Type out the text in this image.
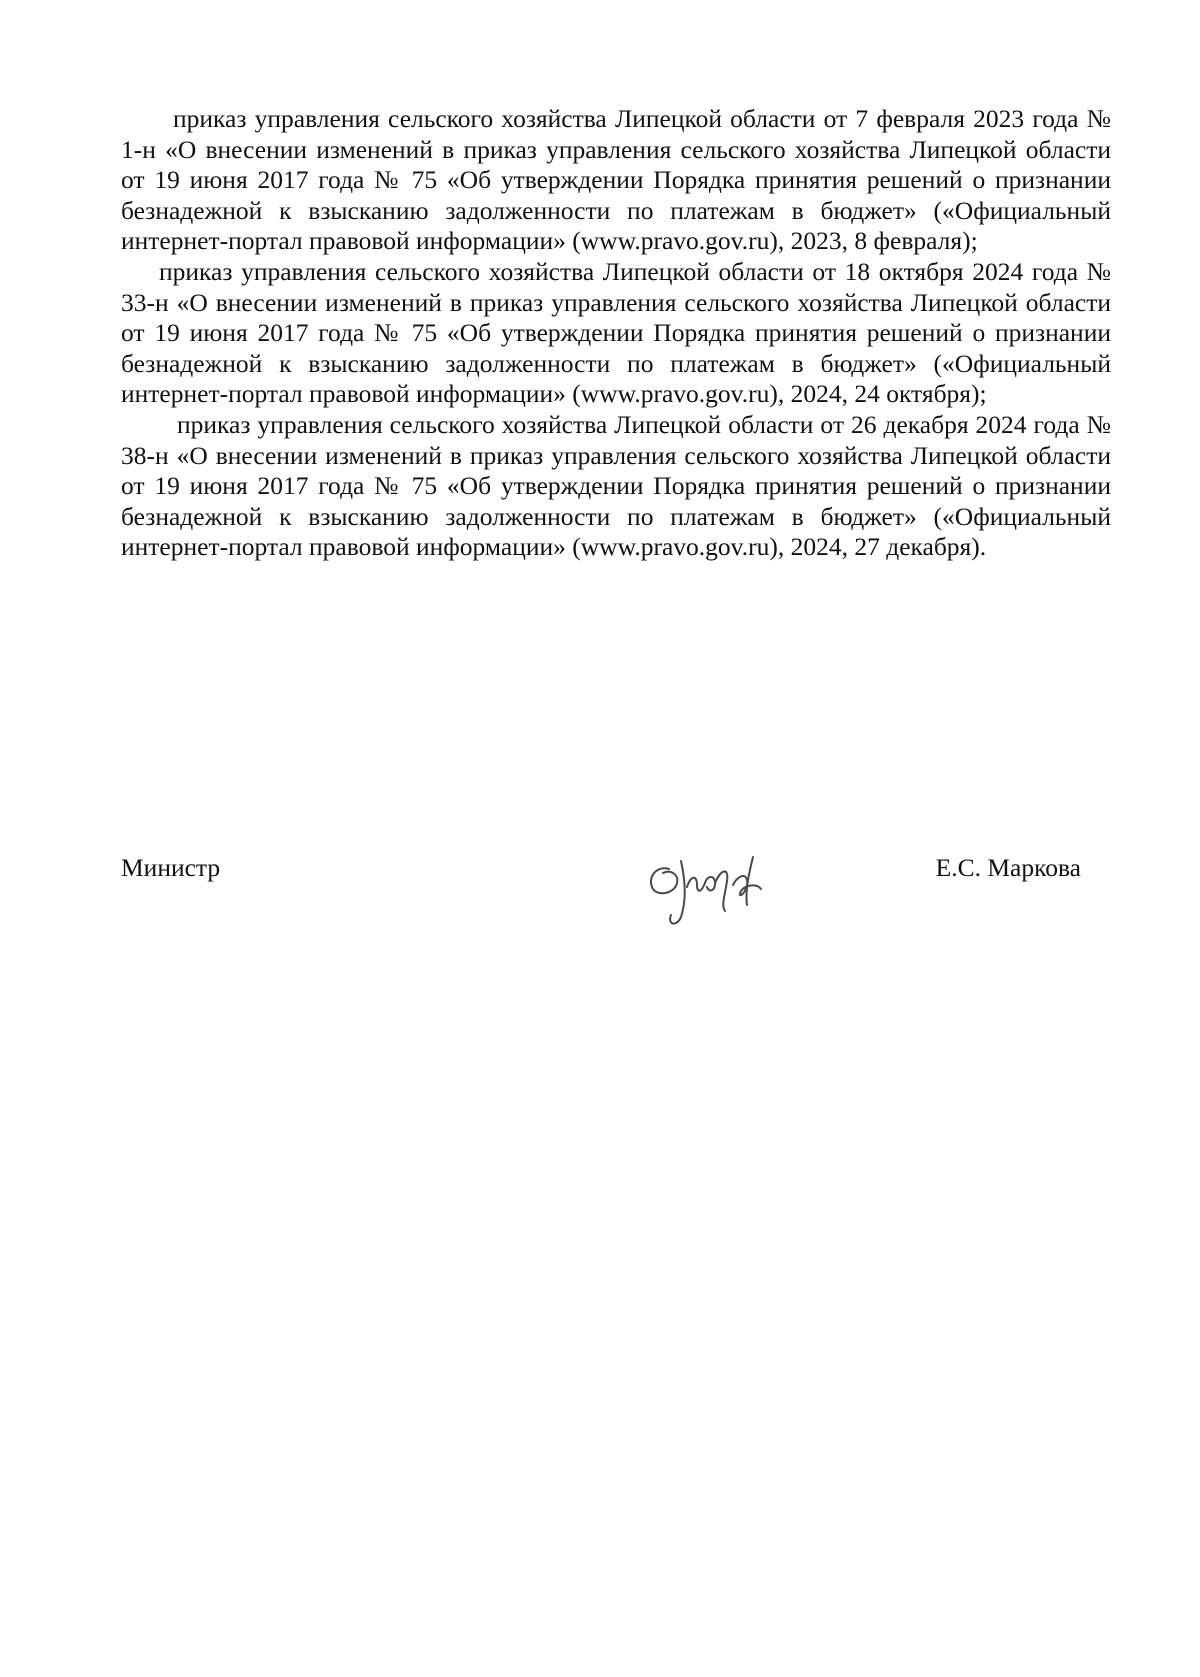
приказ управления сельского хозяйства Липецкой области от 7 февраля 2023 года № 1-н «О внесении изменений в приказ управления сельского хозяйства Липецкой области от 19 июня 2017 года № 75 «Об утверждении Порядка принятия решений о признании безнадежной к взысканию задолженности по платежам в бюджет» («Официальный интернет-портал правовой информации» (www.pravo.gov.ru), 2023, 8 февраля);

приказ управления сельского хозяйства Липецкой области от 18 октября 2024 года № 33-н «О внесении изменений в приказ управления сельского хозяйства Липецкой области от 19 июня 2017 года № 75 «Об утверждении Порядка принятия решений о признании безнадежной к взысканию задолженности по платежам в бюджет» («Официальный интернет-портал правовой информации» (www.pravo.gov.ru), 2024, 24 октября);

приказ управления сельского хозяйства Липецкой области от 26 декабря 2024 года № 38-н «О внесении изменений в приказ управления сельского хозяйства Липецкой области от 19 июня 2017 года № 75 «Об утверждении Порядка принятия решений о признании безнадежной к взысканию задолженности по платежам в бюджет» («Официальный интернет-портал правовой информации» (www.pravo.gov.ru), 2024, 27 декабря).

Министр	Е.С. Маркова
